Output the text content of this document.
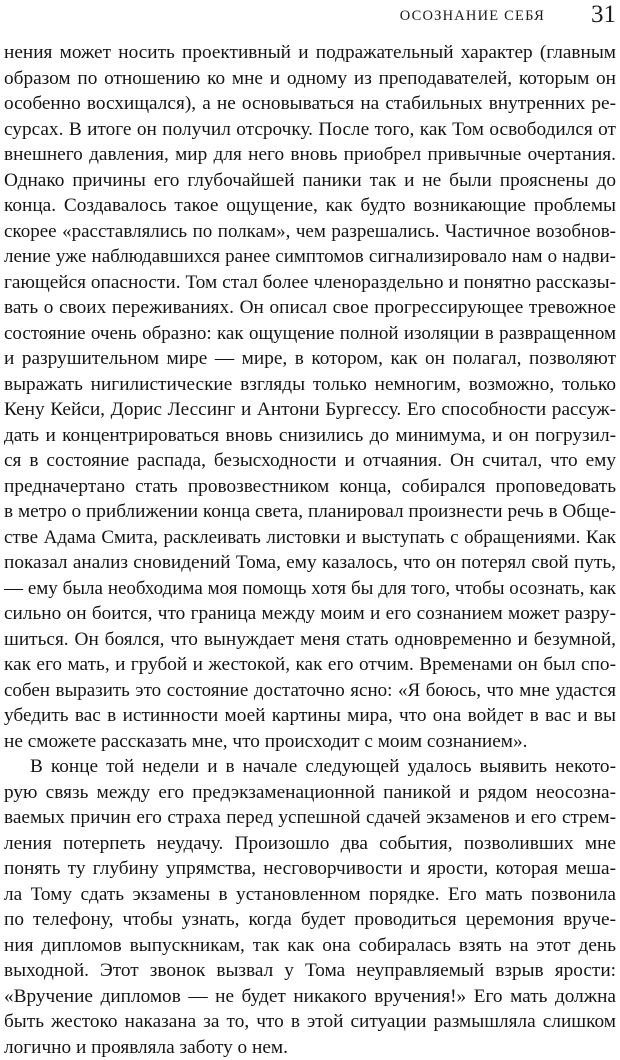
ОСОЗНАНИЕ СЕБЯ 31
нения может носить проективный и подражательный характер (главным
образом по отношению ко мне и одному из преподавателей, которым он
особенно восхищался), а не основываться на стабильных внутренних ре-
сурсах. В итоге он получил отсрочку. После того, как Том освободился от
внешнего давления, мир для него вновь приобрел привычные очертания.
Однако причины его глубочайшей паники так и не были прояснены до
конца. Создавалось такое ощущение, как будто возникающие проблемы
скорее «расставлялись по полкам», чем разрешались. Частичное возобнов-
ление уже наблюдавшихся ранее симптомов сигнализировало нам о надви-
гающейся опасности. Том стал более членораздельно и понятно рассказы-
вать о своих переживаниях. Он описал свое прогрессирующее тревожное
состояние очень образно: как ощущение полной изоляции в развращенном
и разрушительном мире — мире, в котором, как он полагал, позволяют
выражать нигилистические взгляды только немногим, возможно, только
Кену Кейси, Дорис Лессинг и Антони Бургессу. Его способности рассуж-
дать и концентрироваться вновь снизились до минимума, и он погрузил-
ся в состояние распада, безысходности и отчаяния. Он считал, что ему
предначертано стать провозвестником конца, собирался проповедовать
в метро о приближении конца света, планировал произнести речь в Обще-
стве Адама Смита, расклеивать листовки и выступать с обращениями. Как
показал анализ сновидений Тома, ему казалось, что он потерял свой путь,
— ему была необходима моя помощь хотя бы для того, чтобы осознать, как
сильно он боится, что граница между моим и его сознанием может разру-
шиться. Он боялся, что вынуждает меня стать одновременно и безумной,
как его мать, и грубой и жестокой, как его отчим. Временами он был спо-
собен выразить это состояние достаточно ясно: «Я боюсь, что мне удастся
убедить вас в истинности моей картины мира, что она войдет в вас и вы
не сможете рассказать мне, что происходит с моим сознанием».
В конце той недели и в начале следующей удалось выявить некото-
рую связь между его предэкзаменационной паникой и рядом неосозна-
ваемых причин его страха перед успешной сдачей экзаменов и его стрем-
ления потерпеть неудачу. Произошло два события, позволивших мне
понять ту глубину упрямства, несговорчивости и ярости, которая меша-
ла Тому сдать экзамены в установленном порядке. Его мать позвонила
по телефону, чтобы узнать, когда будет проводиться церемония вруче-
ния дипломов выпускникам, так как она собиралась взять на этот день
выходной. Этот звонок вызвал у Тома неуправляемый взрыв ярости:
«Вручение дипломов — не будет никакого вручения!» Его мать должна
быть жестоко наказана за то, что в этой ситуации размышляла слишком
логично и проявляла заботу о нем.
